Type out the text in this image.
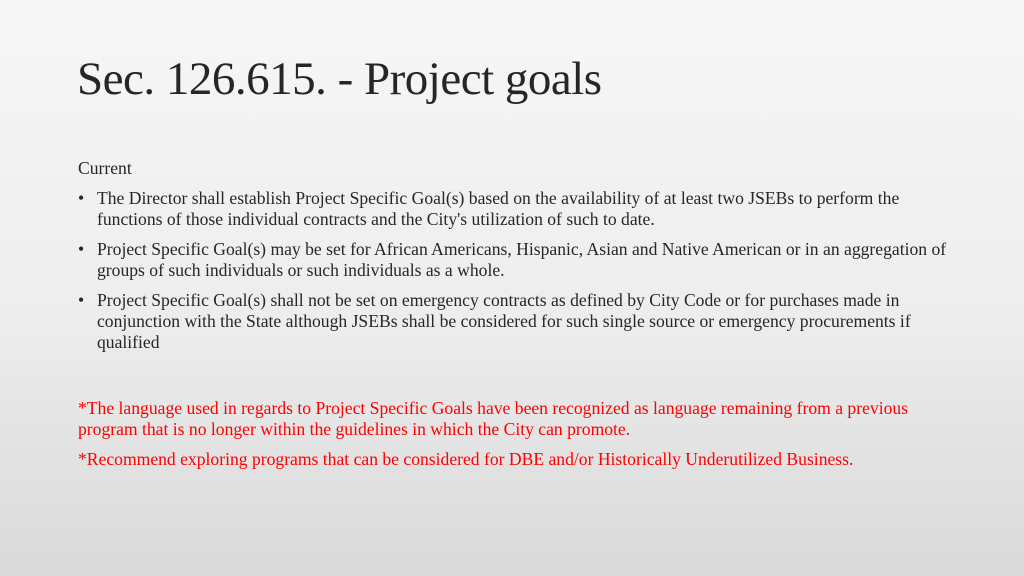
Sec. 126.615. - Project goals

Current

• The Director shall establish Project Specific Goal(s) based on the availability of at least two JSEBs to perform the functions of those individual contracts and the City's utilization of such to date.
• Project Specific Goal(s) may be set for African Americans, Hispanic, Asian and Native American or in an aggregation of groups of such individuals or such individuals as a whole.
• Project Specific Goal(s) shall not be set on emergency contracts as defined by City Code or for purchases made in conjunction with the State although JSEBs shall be considered for such single source or emergency procurements if qualified

*The language used in regards to Project Specific Goals have been recognized as language remaining from a previous program that is no longer within the guidelines in which the City can promote.

*Recommend exploring programs that can be considered for DBE and/or Historically Underutilized Business.
